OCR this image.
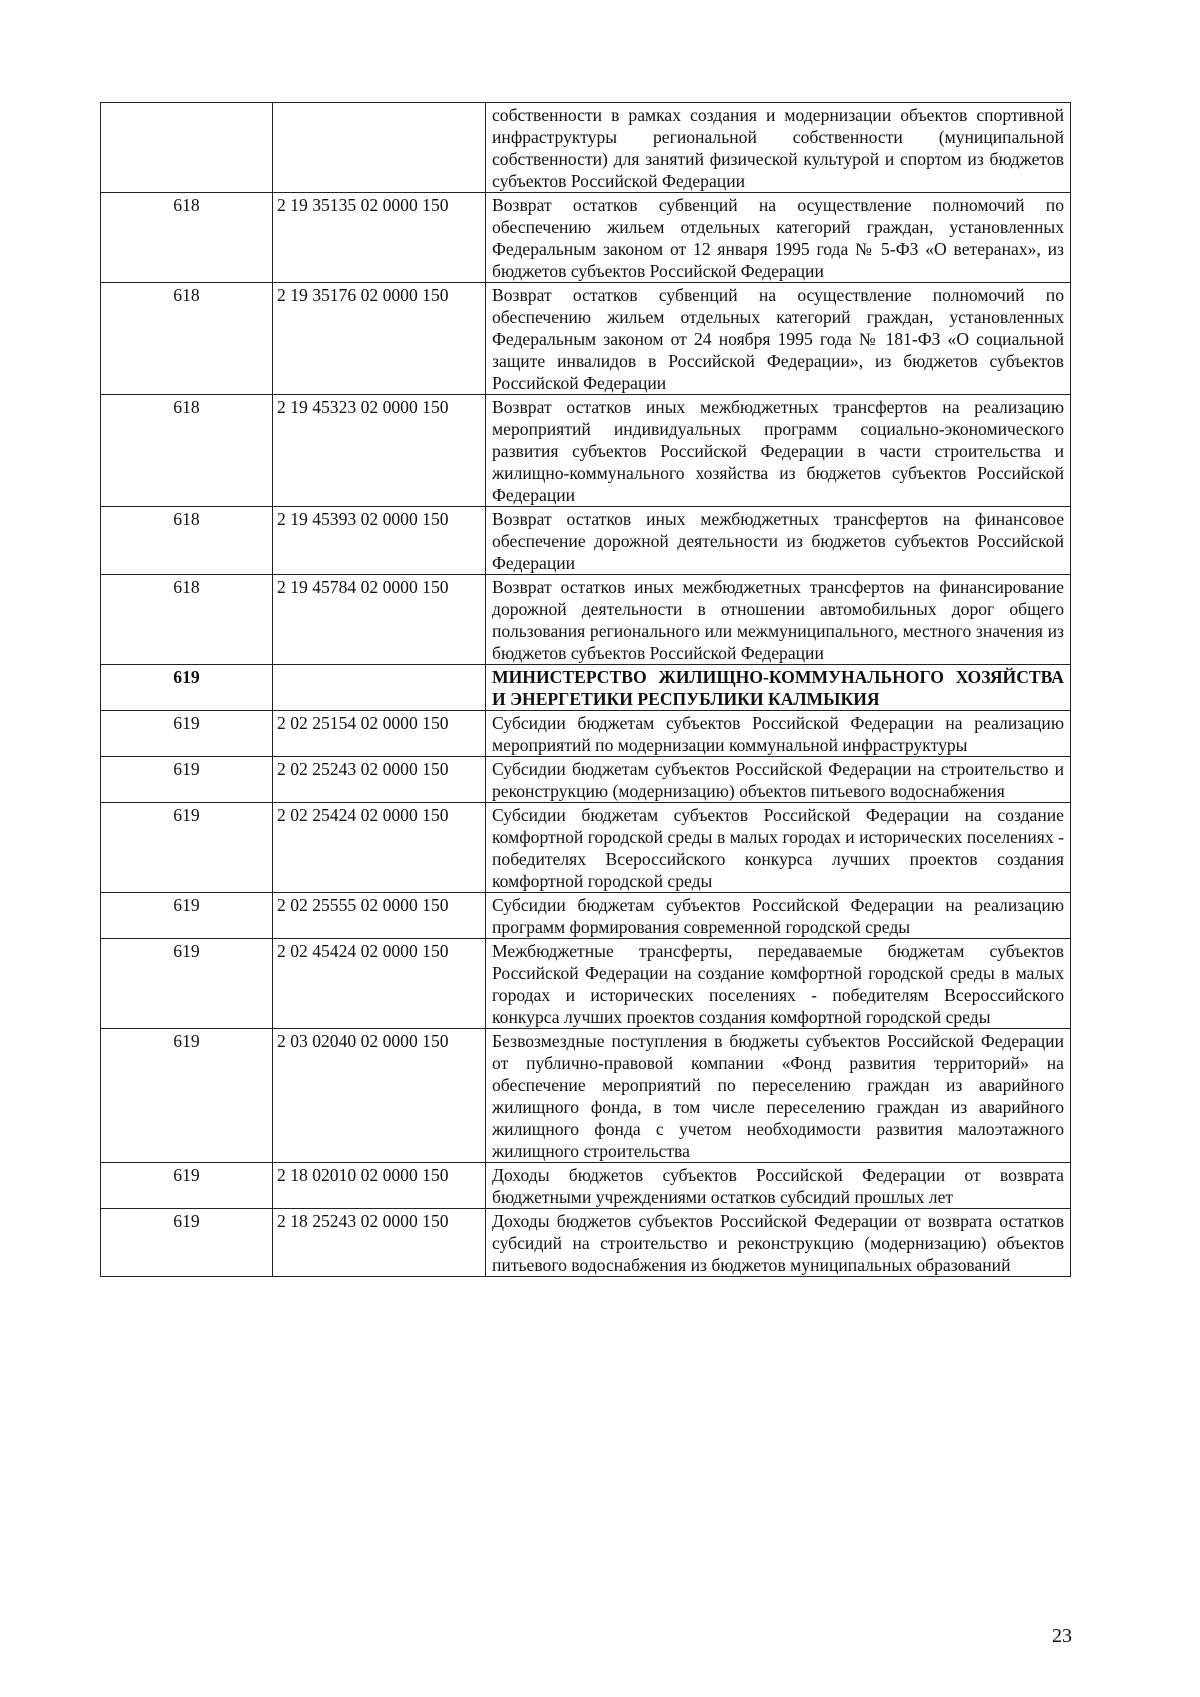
		собственности в рамках создания и модернизации объектов спортивной инфраструктуры региональной собственности (муниципальной собственности) для занятий физической культурой и спортом из бюджетов субъектов Российской Федерации
618	2 19 35135 02 0000 150	Возврат остатков субвенций на осуществление полномочий по обеспечению жильем отдельных категорий граждан, установленных Федеральным законом от 12 января 1995 года № 5-ФЗ «О ветеранах», из бюджетов субъектов Российской Федерации
618	2 19 35176 02 0000 150	Возврат остатков субвенций на осуществление полномочий по обеспечению жильем отдельных категорий граждан, установленных Федеральным законом от 24 ноября 1995 года № 181-ФЗ «О социальной защите инвалидов в Российской Федерации», из бюджетов субъектов Российской Федерации
618	2 19 45323 02 0000 150	Возврат остатков иных межбюджетных трансфертов на реализацию мероприятий индивидуальных программ социально-экономического развития субъектов Российской Федерации в части строительства и жилищно-коммунального хозяйства из бюджетов субъектов Российской Федерации
618	2 19 45393 02 0000 150	Возврат остатков иных межбюджетных трансфертов на финансовое обеспечение дорожной деятельности из бюджетов субъектов Российской Федерации
618	2 19 45784 02 0000 150	Возврат остатков иных межбюджетных трансфертов на финансирование дорожной деятельности в отношении автомобильных дорог общего пользования регионального или межмуниципального, местного значения из бюджетов субъектов Российской Федерации
619		МИНИСТЕРСТВО ЖИЛИЩНО-КОММУНАЛЬНОГО ХОЗЯЙСТВА И ЭНЕРГЕТИКИ РЕСПУБЛИКИ КАЛМЫКИЯ
619	2 02 25154 02 0000 150	Субсидии бюджетам субъектов Российской Федерации на реализацию мероприятий по модернизации коммунальной инфраструктуры
619	2 02 25243 02 0000 150	Субсидии бюджетам субъектов Российской Федерации на строительство и реконструкцию (модернизацию) объектов питьевого водоснабжения
619	2 02 25424 02 0000 150	Субсидии бюджетам субъектов Российской Федерации на создание комфортной городской среды в малых городах и исторических поселениях - победителях Всероссийского конкурса лучших проектов создания комфортной городской среды
619	2 02 25555 02 0000 150	Субсидии бюджетам субъектов Российской Федерации на реализацию программ формирования современной городской среды
619	2 02 45424 02 0000 150	Межбюджетные трансферты, передаваемые бюджетам субъектов Российской Федерации на создание комфортной городской среды в малых городах и исторических поселениях - победителям Всероссийского конкурса лучших проектов создания комфортной городской среды
619	2 03 02040 02 0000 150	Безвозмездные поступления в бюджеты субъектов Российской Федерации от публично-правовой компании «Фонд развития территорий» на обеспечение мероприятий по переселению граждан из аварийного жилищного фонда, в том числе переселению граждан из аварийного жилищного фонда с учетом необходимости развития малоэтажного жилищного строительства
619	2 18 02010 02 0000 150	Доходы бюджетов субъектов Российской Федерации от возврата бюджетными учреждениями остатков субсидий прошлых лет
619	2 18 25243 02 0000 150	Доходы бюджетов субъектов Российской Федерации от возврата остатков субсидий на строительство и реконструкцию (модернизацию) объектов питьевого водоснабжения из бюджетов муниципальных образований
23
